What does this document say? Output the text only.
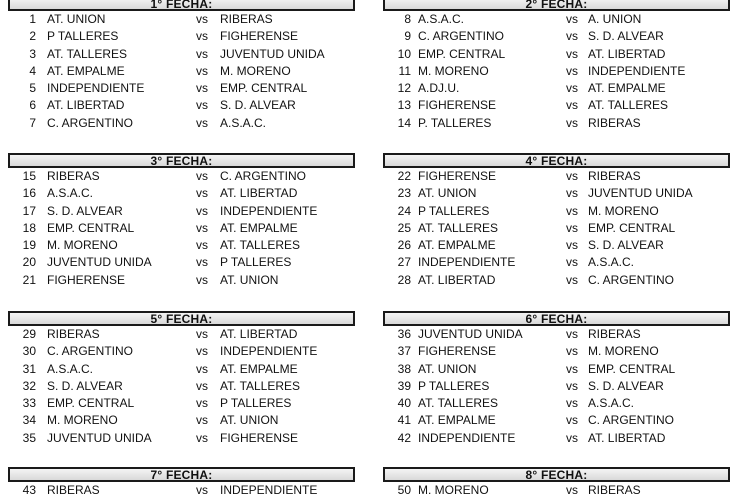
1° FECHA:
1 AT. UNION	vs RIBERAS
2 P TALLERES	vs FIGHERENSE
3 AT. TALLERES	vs JUVENTUD UNIDA
4 AT. EMPALME	vs M. MORENO
5 INDEPENDIENTE	vs EMP. CENTRAL
6 AT. LIBERTAD	vs S. D. ALVEAR
7 C. ARGENTINO	vs A.S.A.C.
2° FECHA:
8 A.S.A.C.	vs A. UNION
9 C. ARGENTINO	vs S. D. ALVEAR
10 EMP. CENTRAL	vs AT. LIBERTAD
11 M. MORENO	vs INDEPENDIENTE
12 A.DJ.U.	vs AT. EMPALME
13 FIGHERENSE	vs AT. TALLERES
14 P. TALLERES	vs RIBERAS
3° FECHA:
15 RIBERAS	vs C. ARGENTINO
16 A.S.A.C.	vs AT. LIBERTAD
17 S. D. ALVEAR	vs INDEPENDIENTE
18 EMP. CENTRAL	vs AT. EMPALME
19 M. MORENO	vs AT. TALLERES
20 JUVENTUD UNIDA	vs P TALLERES
21 FIGHERENSE	vs AT. UNION
4° FECHA:
22 FIGHERENSE	vs RIBERAS
23 AT. UNION	vs JUVENTUD UNIDA
24 P TALLERES	vs M. MORENO
25 AT. TALLERES	vs EMP. CENTRAL
26 AT. EMPALME	vs S. D. ALVEAR
27 INDEPENDIENTE	vs A.S.A.C.
28 AT. LIBERTAD	vs C. ARGENTINO
5° FECHA:
29 RIBERAS	vs AT. LIBERTAD
30 C. ARGENTINO	vs INDEPENDIENTE
31 A.S.A.C.	vs AT. EMPALME
32 S. D. ALVEAR	vs AT. TALLERES
33 EMP. CENTRAL	vs P TALLERES
34 M. MORENO	vs AT. UNION
35 JUVENTUD UNIDA	vs FIGHERENSE
6° FECHA:
36 JUVENTUD UNIDA	vs RIBERAS
37 FIGHERENSE	vs M. MORENO
38 AT. UNION	vs EMP. CENTRAL
39 P TALLERES	vs S. D. ALVEAR
40 AT. TALLERES	vs A.S.A.C.
41 AT. EMPALME	vs C. ARGENTINO
42 INDEPENDIENTE	vs AT. LIBERTAD
7° FECHA:
43 RIBERAS	vs INDEPENDIENTE
8° FECHA:
50 M. MORENO	vs RIBERAS
